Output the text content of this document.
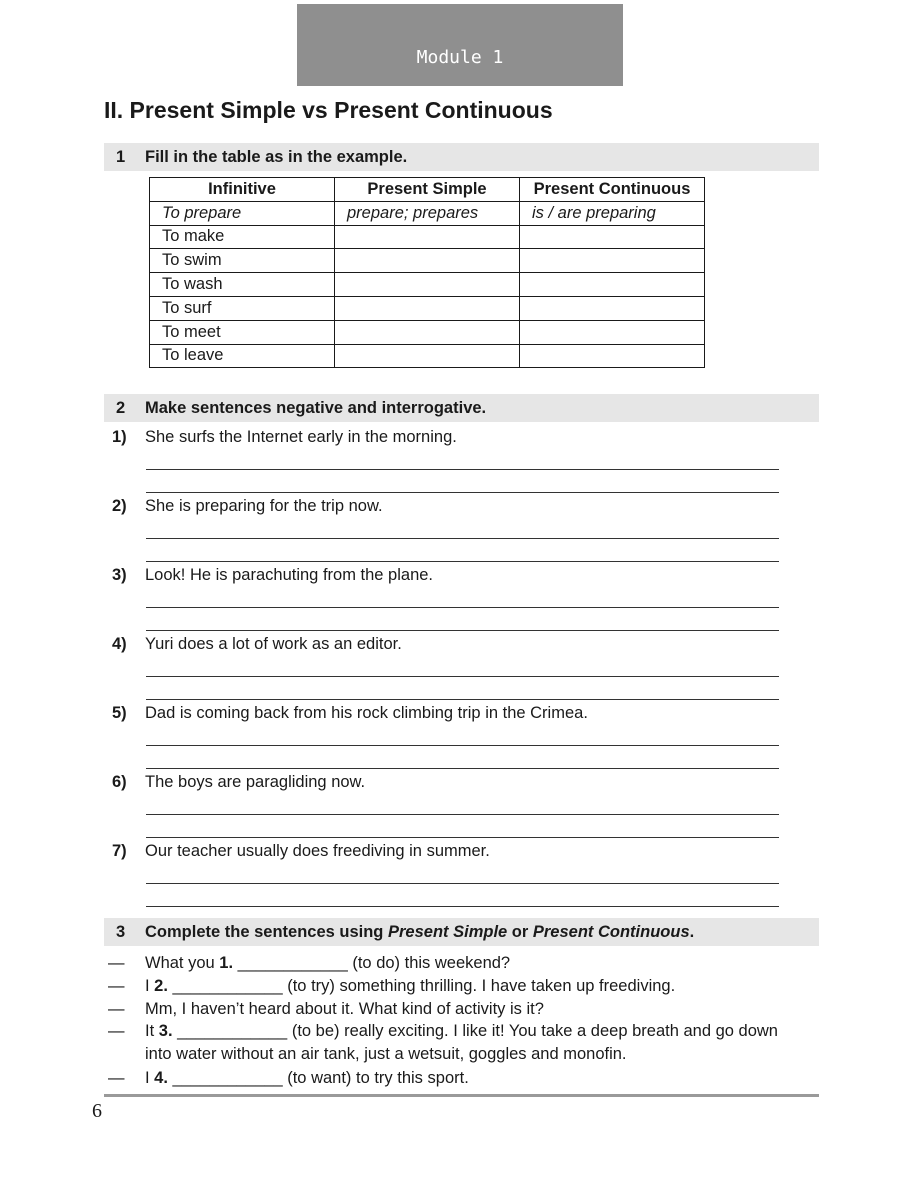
Module 1
II. Present Simple vs Present Continuous
1	Fill in the table as in the example.
Infinitive	Present Simple	Present Continuous
To prepare	prepare; prepares	is / are preparing
To make		
To swim		
To wash		
To surf		
To meet		
To leave		
2	Make sentences negative and interrogative.
1) She surfs the Internet early in the morning.
2) She is preparing for the trip now.
3) Look! He is parachuting from the plane.
4) Yuri does a lot of work as an editor.
5) Dad is coming back from his rock climbing trip in the Crimea.
6) The boys are paragliding now.
7) Our teacher usually does freediving in summer.
3	Complete the sentences using Present Simple or Present Continuous.
— What you 1. ____________ (to do) this weekend?
— I 2. ____________ (to try) something thrilling. I have taken up freediving.
— Mm, I haven’t heard about it. What kind of activity is it?
— It 3. ____________ (to be) really exciting. I like it! You take a deep breath and go down into water without an air tank, just a wetsuit, goggles and monofin.
— I 4. ____________ (to want) to try this sport.
6
